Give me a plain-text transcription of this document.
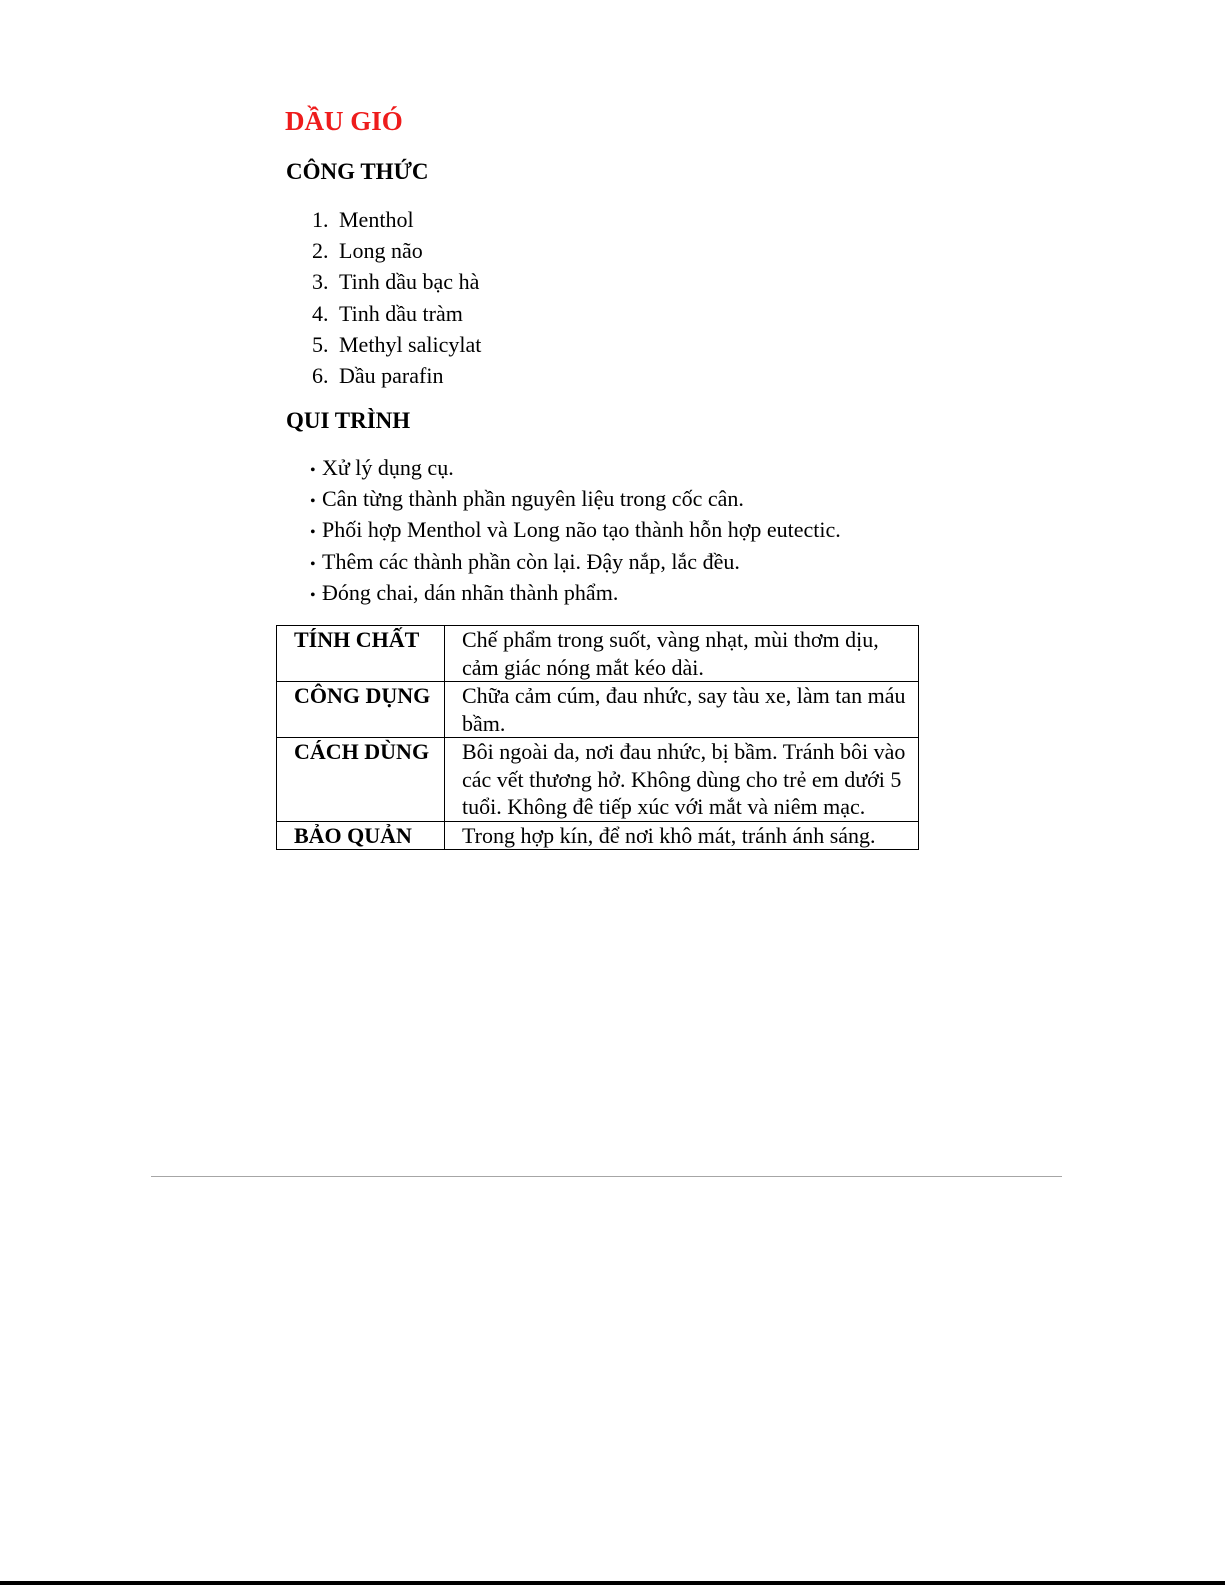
DẦU GIÓ
CÔNG THỨC
1. Menthol
2. Long não
3. Tinh dầu bạc hà
4. Tinh dầu tràm
5. Methyl salicylat
6. Dầu parafin
QUI TRÌNH
• Xử lý dụng cụ.
• Cân từng thành phần nguyên liệu trong cốc cân.
• Phối hợp Menthol và Long não tạo thành hỗn hợp eutectic.
• Thêm các thành phần còn lại. Đậy nắp, lắc đều.
• Đóng chai, dán nhãn thành phẩm.
TÍNH CHẤT	Chế phẩm trong suốt, vàng nhạt, mùi thơm dịu, cảm giác nóng mắt kéo dài.
CÔNG DỤNG	Chữa cảm cúm, đau nhức, say tàu xe, làm tan máu bầm.
CÁCH DÙNG	Bôi ngoài da, nơi đau nhức, bị bầm. Tránh bôi vào các vết thương hở. Không dùng cho trẻ em dưới 5 tuổi. Không đê tiếp xúc với mắt và niêm mạc.
BẢO QUẢN	Trong hợp kín, để nơi khô mát, tránh ánh sáng.
